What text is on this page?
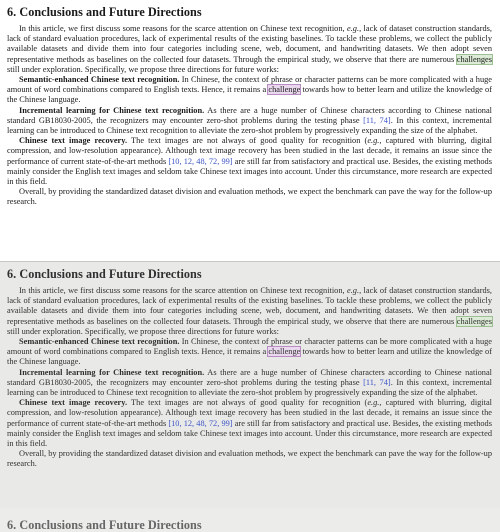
6. Conclusions and Future Directions

In this article, we first discuss some reasons for the scarce attention on Chinese text recognition, e.g., lack of dataset construction standards, lack of standard evaluation procedures, lack of experimental results of the existing baselines. To tackle these problems, we collect the publicly available datasets and divide them into four categories including scene, web, document, and handwriting datasets. We then adopt seven representative methods as baselines on the collected four datasets. Through the empirical study, we observe that there are numerous challenges still under exploration. Specifically, we propose three directions for future works:

Semantic-enhanced Chinese text recognition. In Chinese, the context of phrase or character patterns can be more complicated with a huge amount of word combinations compared to English texts. Hence, it remains a challenge towards how to better learn and utilize the knowledge of the Chinese language.

Incremental learning for Chinese text recognition. As there are a huge number of Chinese characters according to Chinese national standard GB18030-2005, the recognizers may encounter zero-shot problems during the testing phase [11, 74]. In this context, incremental learning can be introduced to Chinese text recognition to alleviate the zero-shot problem by progressively expanding the size of the alphabet.

Chinese text image recovery. The text images are not always of good quality for recognition (e.g., captured with blurring, digital compression, and low-resolution appearance). Although text image recovery has been studied in the last decade, it remains an issue since the performance of current state-of-the-art methods [10, 12, 48, 72, 99] are still far from satisfactory and practical use. Besides, the existing methods mainly consider the English text images and seldom take Chinese text images into account. Under this circumstance, more research are expected in this field.

Overall, by providing the standardized dataset division and evaluation methods, we expect the benchmark can pave the way for the follow-up research.

6. Conclusions and Future Directions

In this article, we first discuss some reasons for the scarce attention on Chinese text recognition, e.g., lack of dataset construction standards, lack of standard evaluation procedures, lack of experimental results of the existing baselines. To tackle these problems, we collect the publicly available datasets and divide them into four categories including scene, web, document, and handwriting datasets. We then adopt seven representative methods as baselines on the collected four datasets. Through the empirical study, we observe that there are numerous challenges still under exploration. Specifically, we propose three directions for future works:

Semantic-enhanced Chinese text recognition. In Chinese, the context of phrase or character patterns can be more complicated with a huge amount of word combinations compared to English texts. Hence, it remains a challenge towards how to better learn and utilize the knowledge of the Chinese language.

Incremental learning for Chinese text recognition. As there are a huge number of Chinese characters according to Chinese national standard GB18030-2005, the recognizers may encounter zero-shot problems during the testing phase [11, 74]. In this context, incremental learning can be introduced to Chinese text recognition to alleviate the zero-shot problem by progressively expanding the size of the alphabet.

Chinese text image recovery. The text images are not always of good quality for recognition (e.g., captured with blurring, digital compression, and low-resolution appearance). Although text image recovery has been studied in the last decade, it remains an issue since the performance of current state-of-the-art methods [10, 12, 48, 72, 99] are still far from satisfactory and practical use. Besides, the existing methods mainly consider the English text images and seldom take Chinese text images into account. Under this circumstance, more research are expected in this field.

Overall, by providing the standardized dataset division and evaluation methods, we expect the benchmark can pave the way for the follow-up research.

6. Conclusions and Future Directions
